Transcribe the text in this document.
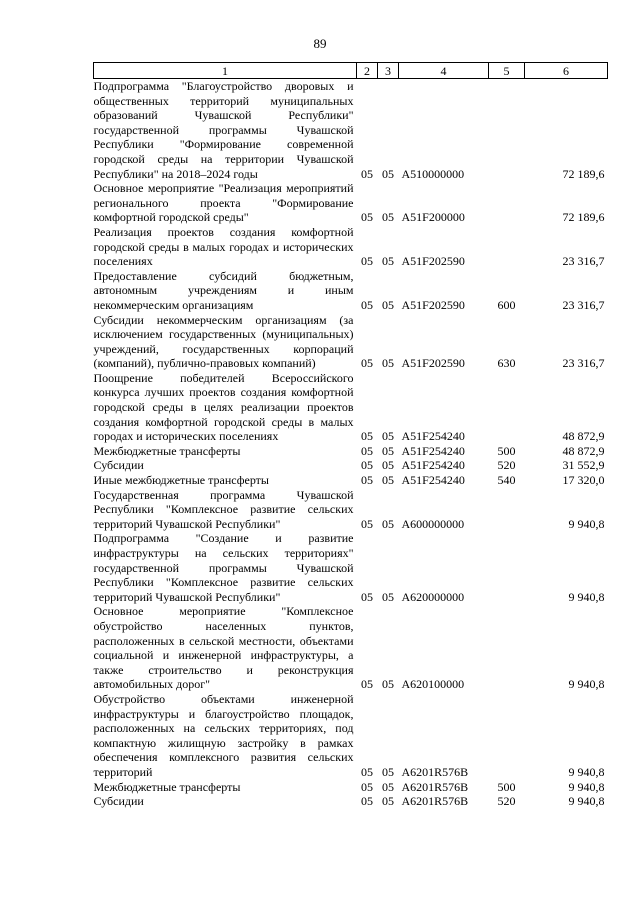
89
1	2	3	4	5	6
Подпрограмма "Благоустройство дворовых и общественных территорий муниципальных образований Чувашской Республики" государственной программы Чувашской Республики "Формирование современной городской среды на территории Чувашской Республики" на 2018–2024 годы	05	05	А510000000		72 189,6
Основное мероприятие "Реализация мероприятий регионального проекта "Формирование комфортной городской среды"	05	05	А51F200000		72 189,6
Реализация проектов создания комфортной городской среды в малых городах и исторических поселениях	05	05	А51F202590		23 316,7
Предоставление субсидий бюджетным, автономным учреждениям и иным некоммерческим организациям	05	05	А51F202590	600	23 316,7
Субсидии некоммерческим организациям (за исключением государственных (муниципальных) учреждений, государственных корпораций (компаний), публично-правовых компаний)	05	05	А51F202590	630	23 316,7
Поощрение победителей Всероссийского конкурса лучших проектов создания комфортной городской среды в целях реализации проектов создания комфортной городской среды в малых городах и исторических поселениях	05	05	А51F254240		48 872,9
Межбюджетные трансферты	05	05	А51F254240	500	48 872,9
Субсидии	05	05	А51F254240	520	31 552,9
Иные межбюджетные трансферты	05	05	А51F254240	540	17 320,0
Государственная программа Чувашской Республики "Комплексное развитие сельских территорий Чувашской Республики"	05	05	А600000000		9 940,8
Подпрограмма "Создание и развитие инфраструктуры на сельских территориях" государственной программы Чувашской Республики "Комплексное развитие сельских территорий Чувашской Республики"	05	05	А620000000		9 940,8
Основное мероприятие "Комплексное обустройство населенных пунктов, расположенных в сельской местности, объектами социальной и инженерной инфраструктуры, а также строительство и реконструкция автомобильных дорог"	05	05	А620100000		9 940,8
Обустройство объектами инженерной инфраструктуры и благоустройство площадок, расположенных на сельских территориях, под компактную жилищную застройку в рамках обеспечения комплексного развития сельских территорий	05	05	А6201R576В		9 940,8
Межбюджетные трансферты	05	05	А6201R576В	500	9 940,8
Субсидии	05	05	А6201R576В	520	9 940,8
